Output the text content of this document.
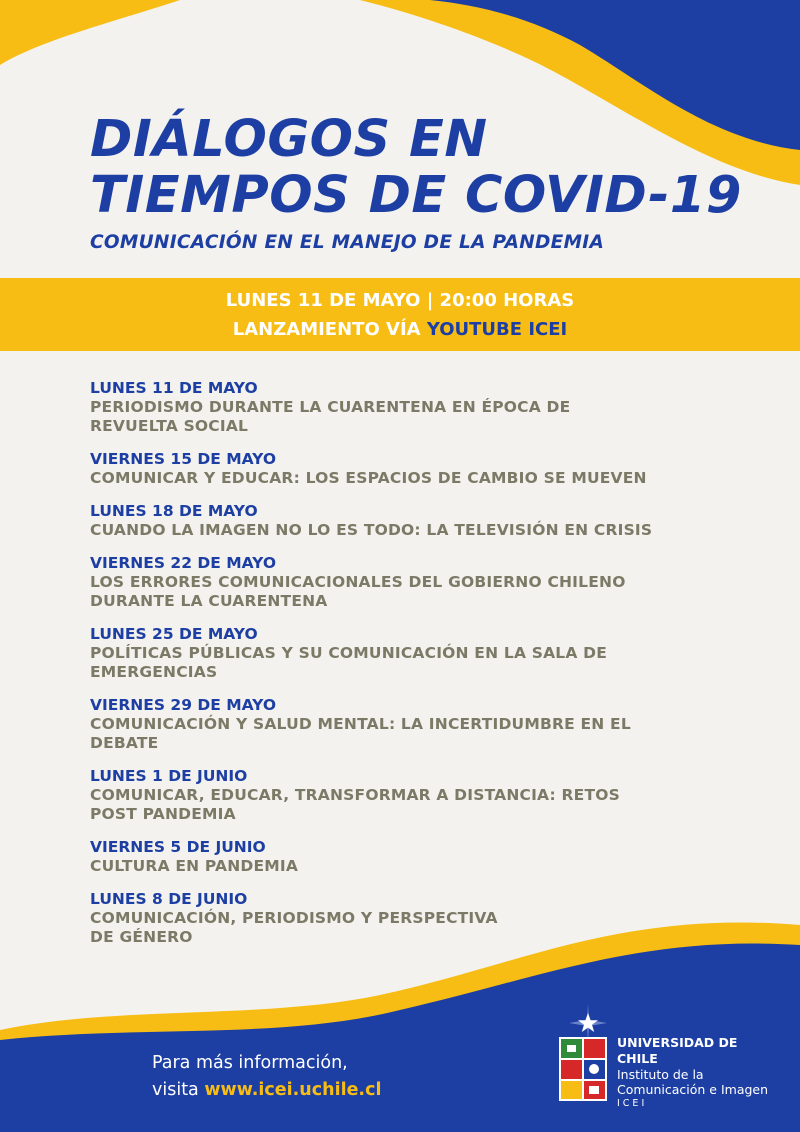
DIÁLOGOS EN
TIEMPOS DE COVID-19
COMUNICACIÓN EN EL MANEJO DE LA PANDEMIA
LUNES 11 DE MAYO | 20:00 HORAS
LANZAMIENTO VÍA YOUTUBE ICEI
LUNES 11 DE MAYO
PERIODISMO DURANTE LA CUARENTENA EN ÉPOCA DE
REVUELTA SOCIAL
VIERNES 15 DE MAYO
COMUNICAR Y EDUCAR: LOS ESPACIOS DE CAMBIO SE MUEVEN
LUNES 18 DE MAYO
CUANDO LA IMAGEN NO LO ES TODO: LA TELEVISIÓN EN CRISIS
VIERNES 22 DE MAYO
LOS ERRORES COMUNICACIONALES DEL GOBIERNO CHILENO
DURANTE LA CUARENTENA
LUNES 25 DE MAYO
POLÍTICAS PÚBLICAS Y SU COMUNICACIÓN EN LA SALA DE
EMERGENCIAS
VIERNES 29 DE MAYO
COMUNICACIÓN Y SALUD MENTAL: LA INCERTIDUMBRE EN EL
DEBATE
LUNES 1 DE JUNIO
COMUNICAR, EDUCAR, TRANSFORMAR A DISTANCIA: RETOS
POST PANDEMIA
VIERNES 5 DE JUNIO
CULTURA EN PANDEMIA
LUNES 8 DE JUNIO
COMUNICACIÓN, PERIODISMO Y PERSPECTIVA
DE GÉNERO
Para más información,
visita www.icei.uchile.cl
UNIVERSIDAD DE CHILE
Instituto de la
Comunicación e Imagen
ICEI
